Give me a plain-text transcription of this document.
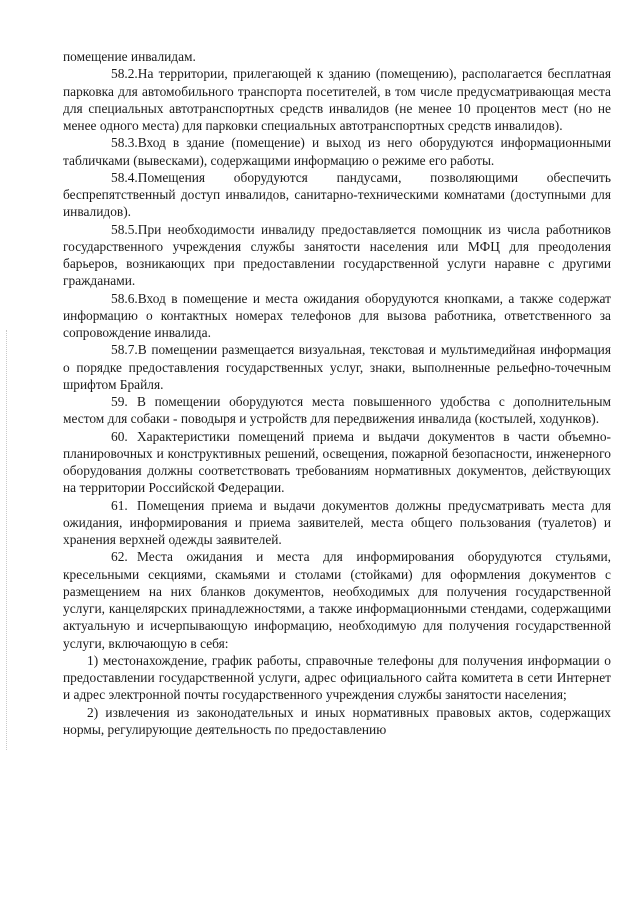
помещение инвалидам.

58.2.На территории, прилегающей к зданию (помещению), располагается бесплатная парковка для автомобильного транспорта посетителей, в том числе предусматривающая места для специальных автотранспортных средств инвалидов (не менее 10 процентов мест (но не менее одного места) для парковки специальных автотранспортных средств инвалидов).

58.3.Вход в здание (помещение) и выход из него оборудуются информационными табличками (вывесками), содержащими информацию о режиме его работы.

58.4.Помещения оборудуются пандусами, позволяющими обеспечить беспрепятственный доступ инвалидов, санитарно-техническими комнатами (доступными для инвалидов).

58.5.При необходимости инвалиду предоставляется помощник из числа работников государственного учреждения службы занятости населения или МФЦ для преодоления барьеров, возникающих при предоставлении государственной услуги наравне с другими гражданами.

58.6.Вход в помещение и места ожидания оборудуются кнопками, а также содержат информацию о контактных номерах телефонов для вызова работника, ответственного за сопровождение инвалида.

58.7.В помещении размещается визуальная, текстовая и мультимедийная информация о порядке предоставления государственных услуг, знаки, выполненные рельефно-точечным шрифтом Брайля.

59. В помещении оборудуются места повышенного удобства с дополнительным местом для собаки - поводыря и устройств для передвижения инвалида (костылей, ходунков).

60. Характеристики помещений приема и выдачи документов в части объемно-планировочных и конструктивных решений, освещения, пожарной безопасности, инженерного оборудования должны соответствовать требованиям нормативных документов, действующих на территории Российской Федерации.

61. Помещения приема и выдачи документов должны предусматривать места для ожидания, информирования и приема заявителей, места общего пользования (туалетов) и хранения верхней одежды заявителей.

62. Места ожидания и места для информирования оборудуются стульями, кресельными секциями, скамьями и столами (стойками) для оформления документов с размещением на них бланков документов, необходимых для получения государственной услуги, канцелярских принадлежностями, а также информационными стендами, содержащими актуальную и исчерпывающую информацию, необходимую для получения государственной услуги, включающую в себя:

1) местонахождение, график работы, справочные телефоны для получения информации о предоставлении государственной услуги, адрес официального сайта комитета в сети Интернет и адрес электронной почты государственного учреждения службы занятости населения;

2) извлечения из законодательных и иных нормативных правовых актов, содержащих нормы, регулирующие деятельность по предоставлению
